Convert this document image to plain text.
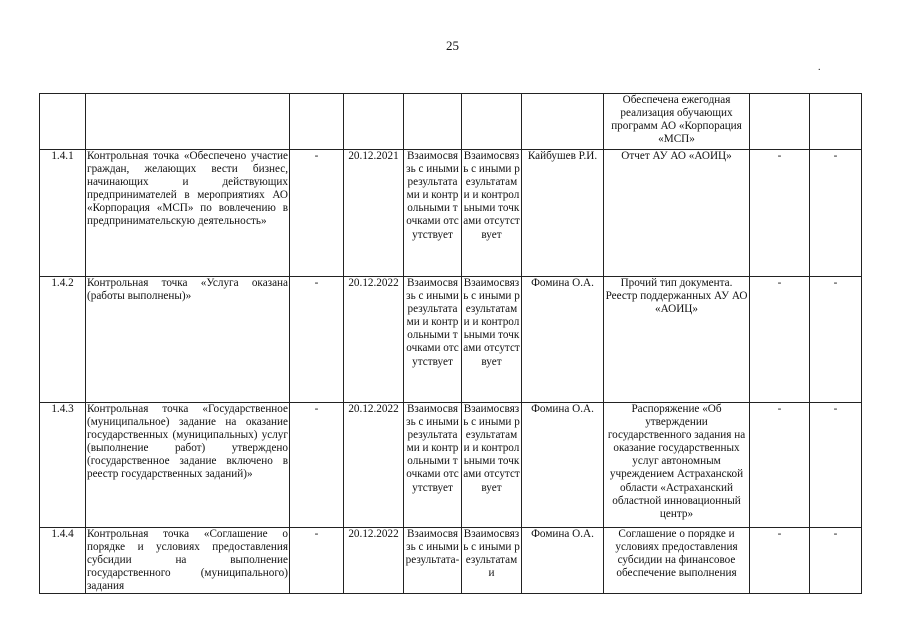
25
.
							Обеспечена ежегодная реализация обучающих программ АО «Корпорация «МСП»		
1.4.1	Контрольная точка «Обеспечено участие граждан, желающих вести бизнес, начинающих и действующих предпринимателей в мероприятиях АО «Корпорация «МСП» по вовлечению в предпринимательскую деятельность»	-	20.12.2021	Взаимосвязь с иными результатами и контрольными точками отсутствует	Взаимосвязь с иными результатами и контрольными точками отсутствует	Кайбушев Р.И.	Отчет АУ АО «АОИЦ»	-	-
1.4.2	Контрольная точка «Услуга оказана (работы выполнены)»	-	20.12.2022	Взаимосвязь с иными результатами и контрольными точками отсутствует	Взаимосвязь с иными результатами и контрольными точками отсутствует	Фомина О.А.	Прочий тип документа. Реестр поддержанных АУ АО «АОИЦ»	-	-
1.4.3	Контрольная точка «Государственное (муниципальное) задание на оказание государственных (муниципальных) услуг (выполнение работ) утверждено (государственное задание включено в реестр государственных заданий)»	-	20.12.2022	Взаимосвязь с иными результатами и контрольными точками отсутствует	Взаимосвязь с иными результатами и контрольными точками отсутствует	Фомина О.А.	Распоряжение «Об утверждении государственного задания на оказание государственных услуг автономным учреждением Астраханской области «Астраханский областной инновационный центр»	-	-
1.4.4	Контрольная точка «Соглашение о порядке и условиях предоставления субсидии на выполнение государственного (муниципального) задания	-	20.12.2022	Взаимосвязь с иными результата-	Взаимосвязь с иными результатами	Фомина О.А.	Соглашение о порядке и условиях предоставления субсидии на финансовое обеспечение выполнения	-	-
